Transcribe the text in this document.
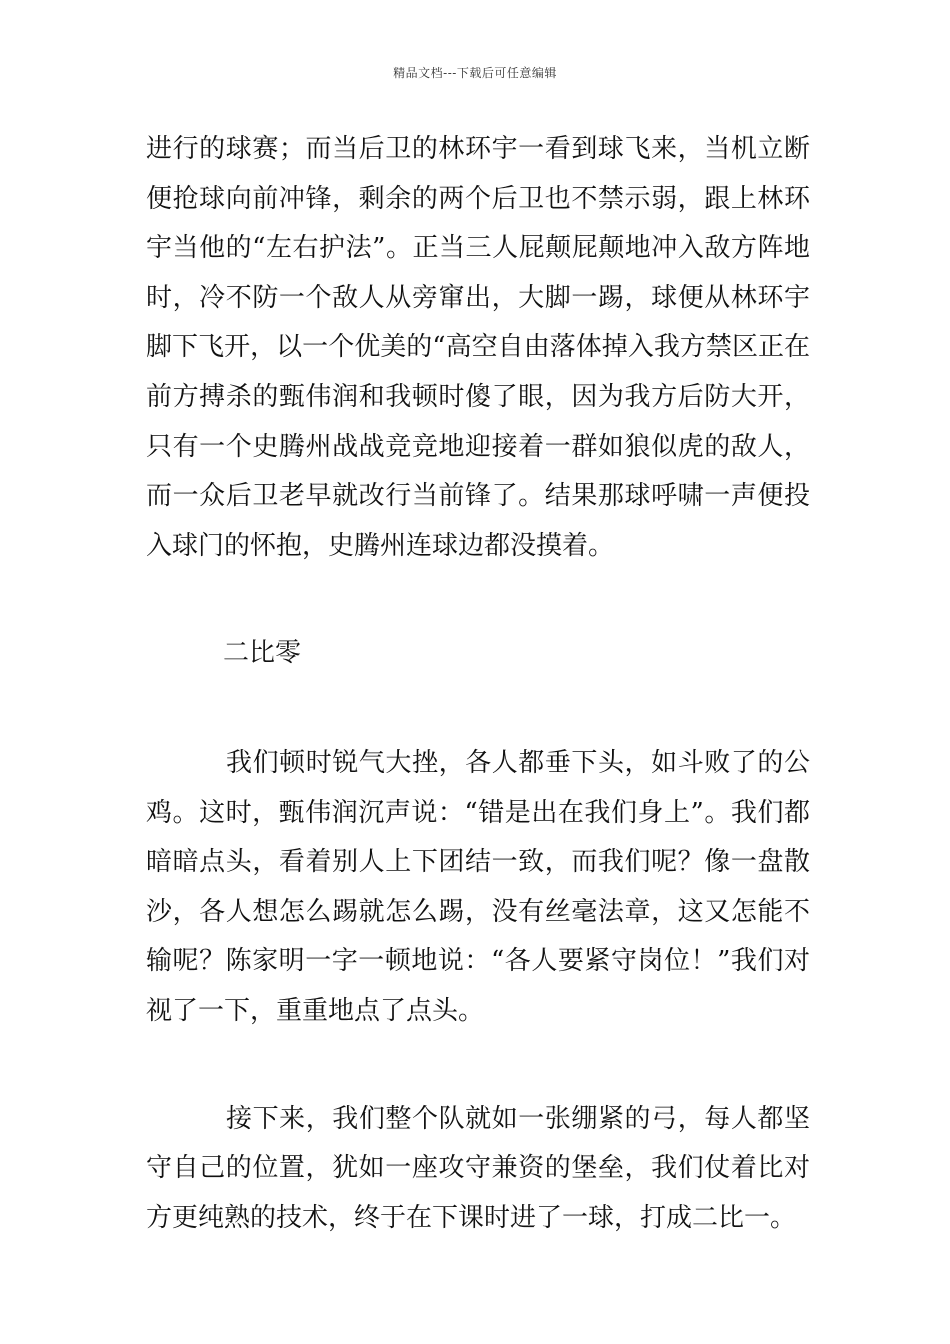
精品文档---下载后可任意编辑

进行的球赛；而当后卫的林环宇一看到球飞来，当机立断便抢球向前冲锋，剩余的两个后卫也不禁示弱，跟上林环宇当他的“左右护法”。正当三人屁颠屁颠地冲入敌方阵地时，冷不防一个敌人从旁窜出，大脚一踢，球便从林环宇脚下飞开，以一个优美的“高空自由落体掉入我方禁区正在前方搏杀的甄伟润和我顿时傻了眼，因为我方后防大开，只有一个史腾州战战竞竞地迎接着一群如狼似虎的敌人，而一众后卫老早就改行当前锋了。结果那球呼啸一声便投入球门的怀抱，史腾州连球边都没摸着。

二比零

我们顿时锐气大挫，各人都垂下头，如斗败了的公鸡。这时，甄伟润沉声说：“错是出在我们身上”。我们都暗暗点头，看着别人上下团结一致，而我们呢？像一盘散沙，各人想怎么踢就怎么踢，没有丝毫法章，这又怎能不输呢？陈家明一字一顿地说：“各人要紧守岗位！”我们对视了一下，重重地点了点头。

接下来，我们整个队就如一张绷紧的弓，每人都坚守自己的位置，犹如一座攻守兼资的堡垒，我们仗着比对方更纯熟的技术，终于在下课时进了一球，打成二比一。
